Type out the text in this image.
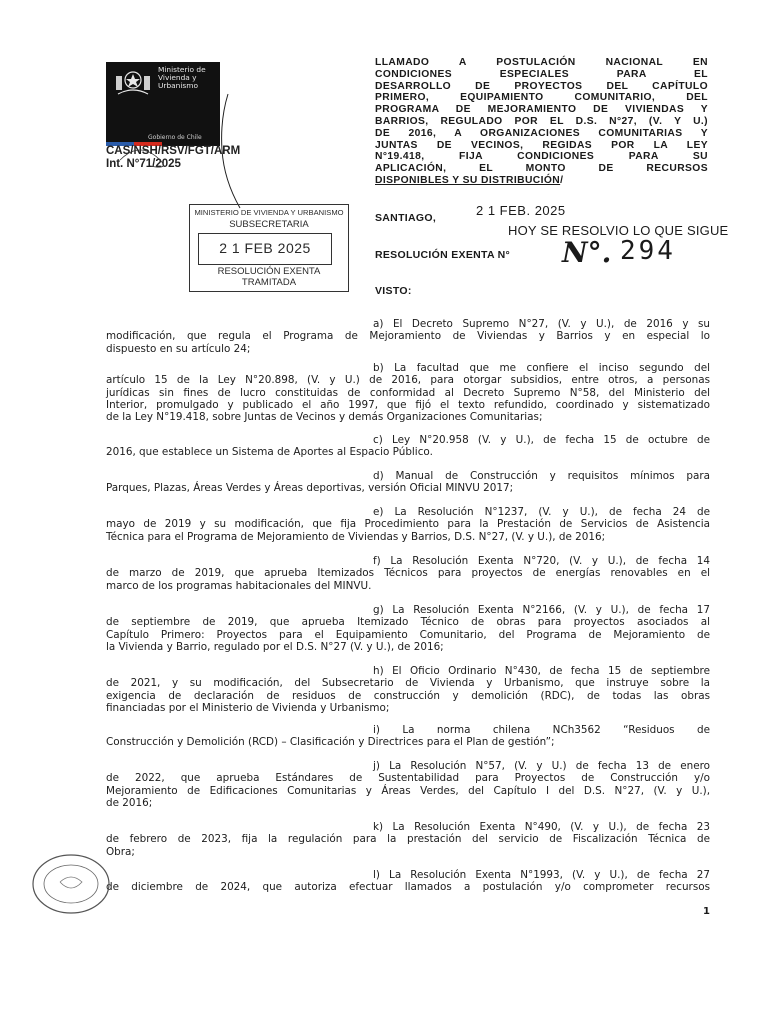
Ministerio de
Vivienda y
Urbanismo
Gobierno de Chile
CAS/NSH/RSV/FGT/ARM
Int. N°71/2025
LLAMADO A POSTULACIÓN NACIONAL EN
CONDICIONES ESPECIALES PARA EL
DESARROLLO DE PROYECTOS DEL CAPÍTULO
PRIMERO, EQUIPAMIENTO COMUNITARIO, DEL
PROGRAMA DE MEJORAMIENTO DE VIVIENDAS Y
BARRIOS, REGULADO POR EL D.S. N°27, (V. Y U.)
DE 2016, A ORGANIZACIONES COMUNITARIAS Y
JUNTAS DE VECINOS, REGIDAS POR LA LEY
N°19.418, FIJA CONDICIONES PARA SU
APLICACIÓN, EL MONTO DE RECURSOS
DISPONIBLES Y SU DISTRIBUCIÓN/
MINISTERIO DE VIVIENDA Y URBANISMO
SUBSECRETARIA
2 1 FEB 2025
RESOLUCIÓN EXENTA
TRAMITADA
SANTIAGO,	2 1 FEB. 2025
HOY SE RESOLVIO LO QUE SIGUE
RESOLUCIÓN EXENTA N° N°. 294
VISTO:
a) El Decreto Supremo N°27, (V. y U.), de 2016 y su
modificación, que regula el Programa de Mejoramiento de Viviendas y Barrios y en especial lo
dispuesto en su artículo 24;
b) La facultad que me confiere el inciso segundo del
artículo 15 de la Ley N°20.898, (V. y U.) de 2016, para otorgar subsidios, entre otros, a personas
jurídicas sin fines de lucro constituidas de conformidad al Decreto Supremo N°58, del Ministerio del
Interior, promulgado y publicado el año 1997, que fijó el texto refundido, coordinado y sistematizado
de la Ley N°19.418, sobre Juntas de Vecinos y demás Organizaciones Comunitarias;
c) Ley N°20.958 (V. y U.), de fecha 15 de octubre de
2016, que establece un Sistema de Aportes al Espacio Público.
d) Manual de Construcción y requisitos mínimos para
Parques, Plazas, Áreas Verdes y Áreas deportivas, versión Oficial MINVU 2017;
e) La Resolución N°1237, (V. y U.), de fecha 24 de
mayo de 2019 y su modificación, que fija Procedimiento para la Prestación de Servicios de Asistencia
Técnica para el Programa de Mejoramiento de Viviendas y Barrios, D.S. N°27, (V. y U.), de 2016;
f) La Resolución Exenta N°720, (V. y U.), de fecha 14
de marzo de 2019, que aprueba Itemizados Técnicos para proyectos de energías renovables en el
marco de los programas habitacionales del MINVU.
g) La Resolución Exenta N°2166, (V. y U.), de fecha 17
de septiembre de 2019, que aprueba Itemizado Técnico de obras para proyectos asociados al
Capítulo Primero: Proyectos para el Equipamiento Comunitario, del Programa de Mejoramiento de
la Vivienda y Barrio, regulado por el D.S. N°27 (V. y U.), de 2016;
h) El Oficio Ordinario N°430, de fecha 15 de septiembre
de 2021, y su modificación, del Subsecretario de Vivienda y Urbanismo, que instruye sobre la
exigencia de declaración de residuos de construcción y demolición (RDC), de todas las obras
financiadas por el Ministerio de Vivienda y Urbanismo;
i) La norma chilena NCh3562 “Residuos de
Construcción y Demolición (RCD) – Clasificación y Directrices para el Plan de gestión”;
j) La Resolución N°57, (V. y U.) de fecha 13 de enero
de 2022, que aprueba Estándares de Sustentabilidad para Proyectos de Construcción y/o
Mejoramiento de Edificaciones Comunitarias y Áreas Verdes, del Capítulo I del D.S. N°27, (V. y U.),
de 2016;
k) La Resolución Exenta N°490, (V. y U.), de fecha 23
de febrero de 2023, fija la regulación para la prestación del servicio de Fiscalización Técnica de
Obra;
l) La Resolución Exenta N°1993, (V. y U.), de fecha 27
de diciembre de 2024, que autoriza efectuar llamados a postulación y/o comprometer recursos
1
